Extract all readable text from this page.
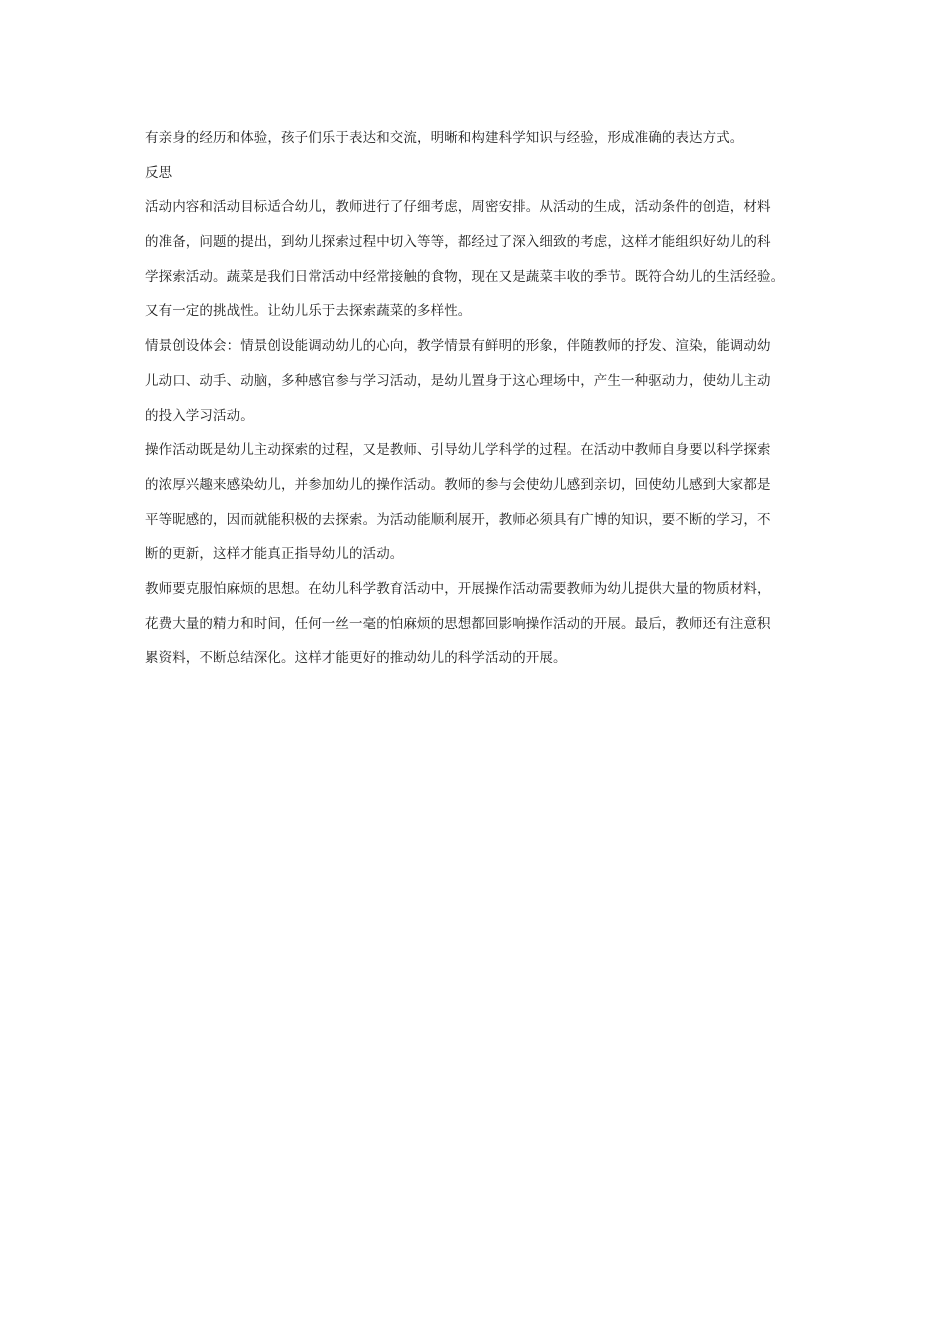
有亲身的经历和体验，孩子们乐于表达和交流，明晰和构建科学知识与经验，形成准确的表达方式。
反思
活动内容和活动目标适合幼儿，教师进行了仔细考虑，周密安排。从活动的生成，活动条件的创造，材料
的准备，问题的提出，到幼儿探索过程中切入等等，都经过了深入细致的考虑，这样才能组织好幼儿的科
学探索活动。蔬菜是我们日常活动中经常接触的食物，现在又是蔬菜丰收的季节。既符合幼儿的生活经验。
又有一定的挑战性。让幼儿乐于去探索蔬菜的多样性。
情景创设体会：情景创设能调动幼儿的心向，教学情景有鲜明的形象，伴随教师的抒发、渲染，能调动幼
儿动口、动手、动脑，多种感官参与学习活动，是幼儿置身于这心理场中，产生一种驱动力，使幼儿主动
的投入学习活动。
操作活动既是幼儿主动探索的过程，又是教师、引导幼儿学科学的过程。在活动中教师自身要以科学探索
的浓厚兴趣来感染幼儿，并参加幼儿的操作活动。教师的参与会使幼儿感到亲切，回使幼儿感到大家都是
平等昵感的，因而就能积极的去探索。为活动能顺利展开，教师必须具有广博的知识，要不断的学习，不
断的更新，这样才能真正指导幼儿的活动。
教师要克服怕麻烦的思想。在幼儿科学教育活动中，开展操作活动需要教师为幼儿提供大量的物质材料，
花费大量的精力和时间，任何一丝一毫的怕麻烦的思想都回影响操作活动的开展。最后，教师还有注意积
累资料，不断总结深化。这样才能更好的推动幼儿的科学活动的开展。
